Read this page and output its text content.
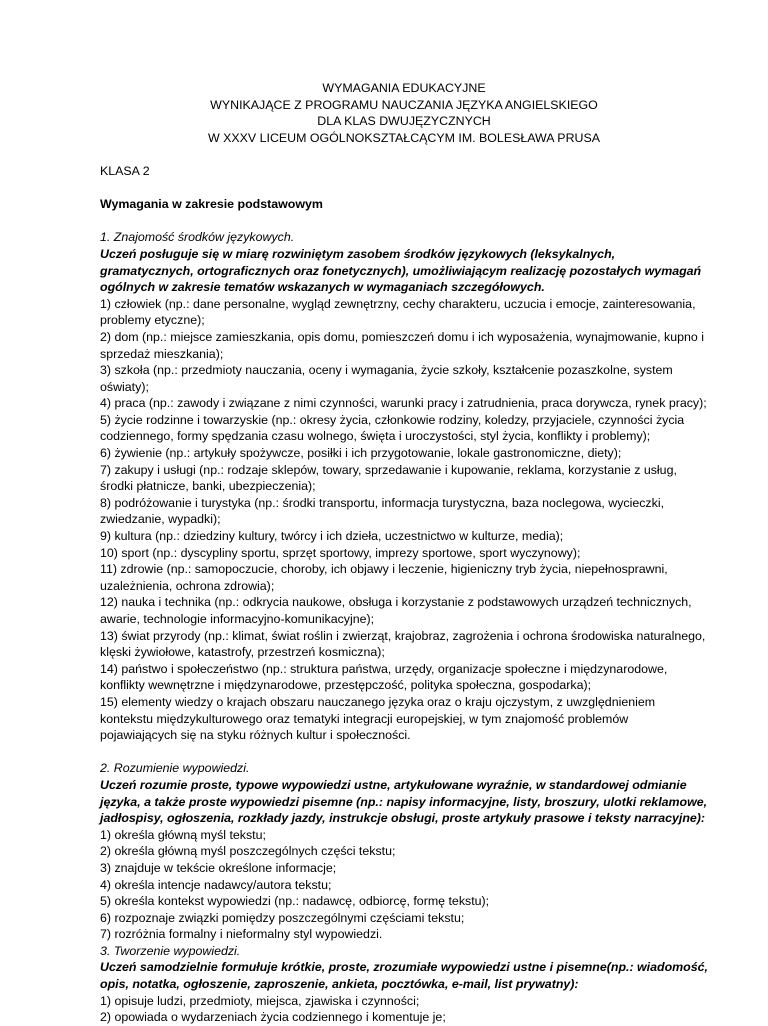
WYMAGANIA EDUKACYJNE

WYNIKAJĄCE Z PROGRAMU NAUCZANIA JĘZYKA ANGIELSKIEGO

DLA KLAS DWUJĘZYCZNYCH

W XXXV LICEUM OGÓLNOKSZTAŁCĄCYM IM. BOLESŁAWA PRUSA

KLASA 2

Wymagania w zakresie podstawowym

1. Znajomość środków językowych.

Uczeń posługuje się w miarę rozwiniętym zasobem środków językowych (leksykalnych, gramatycznych, ortograficznych oraz fonetycznych), umożliwiającym realizację pozostałych wymagań ogólnych w zakresie tematów wskazanych w wymaganiach szczegółowych.

1) człowiek (np.: dane personalne, wygląd zewnętrzny, cechy charakteru, uczucia i emocje, zainteresowania, problemy etyczne);

2) dom (np.: miejsce zamieszkania, opis domu, pomieszczeń domu i ich wyposażenia, wynajmowanie, kupno i sprzedaż mieszkania);

3) szkoła (np.: przedmioty nauczania, oceny i wymagania, życie szkoły, kształcenie pozaszkolne, system oświaty);

4) praca (np.: zawody i związane z nimi czynności, warunki pracy i zatrudnienia, praca dorywcza, rynek pracy);

5) życie rodzinne i towarzyskie (np.: okresy życia, członkowie rodziny, koledzy, przyjaciele, czynności życia codziennego, formy spędzania czasu wolnego, święta i uroczystości, styl życia, konflikty i problemy);

6) żywienie (np.: artykuły spożywcze, posiłki i ich przygotowanie, lokale gastronomiczne, diety);

7) zakupy i usługi (np.: rodzaje sklepów, towary, sprzedawanie i kupowanie, reklama, korzystanie z usług, środki płatnicze, banki, ubezpieczenia);

8) podróżowanie i turystyka (np.: środki transportu, informacja turystyczna, baza noclegowa, wycieczki, zwiedzanie, wypadki);

9) kultura (np.: dziedziny kultury, twórcy i ich dzieła, uczestnictwo w kulturze, media);

10) sport (np.: dyscypliny sportu, sprzęt sportowy, imprezy sportowe, sport wyczynowy);

11) zdrowie (np.: samopoczucie, choroby, ich objawy i leczenie, higieniczny tryb życia, niepełnosprawni, uzależnienia, ochrona zdrowia);

12) nauka i technika (np.: odkrycia naukowe, obsługa i korzystanie z podstawowych urządzeń technicznych, awarie, technologie informacyjno-komunikacyjne);

13) świat przyrody (np.: klimat, świat roślin i zwierząt, krajobraz, zagrożenia i ochrona środowiska naturalnego, klęski żywiołowe, katastrofy, przestrzeń kosmiczna);

14) państwo i społeczeństwo (np.: struktura państwa, urzędy, organizacje społeczne i międzynarodowe, konflikty wewnętrzne i międzynarodowe, przestępczość, polityka społeczna, gospodarka);

15) elementy wiedzy o krajach obszaru nauczanego języka oraz o kraju ojczystym, z uwzględnieniem kontekstu międzykulturowego oraz tematyki integracji europejskiej, w tym znajomość problemów pojawiających się na styku różnych kultur i społeczności.

2. Rozumienie wypowiedzi.

Uczeń rozumie proste, typowe wypowiedzi ustne, artykułowane wyraźnie, w standardowej odmianie języka, a także proste wypowiedzi pisemne (np.: napisy informacyjne, listy, broszury, ulotki reklamowe, jadłospisy, ogłoszenia, rozkłady jazdy, instrukcje obsługi, proste artykuły prasowe i teksty narracyjne):

1) określa główną myśl tekstu;

2) określa główną myśl poszczególnych części tekstu;

3) znajduje w tekście określone informacje;

4) określa intencje nadawcy/autora tekstu;

5) określa kontekst wypowiedzi (np.: nadawcę, odbiorcę, formę tekstu);

6) rozpoznaje związki pomiędzy poszczególnymi częściami tekstu;

7) rozróżnia formalny i nieformalny styl wypowiedzi.

3. Tworzenie wypowiedzi.

Uczeń samodzielnie formułuje krótkie, proste, zrozumiałe wypowiedzi ustne i pisemne(np.: wiadomość, opis, notatka, ogłoszenie, zaproszenie, ankieta, pocztówka, e-mail, list prywatny):

1) opisuje ludzi, przedmioty, miejsca, zjawiska i czynności;

2) opowiada o wydarzeniach życia codziennego i komentuje je;
